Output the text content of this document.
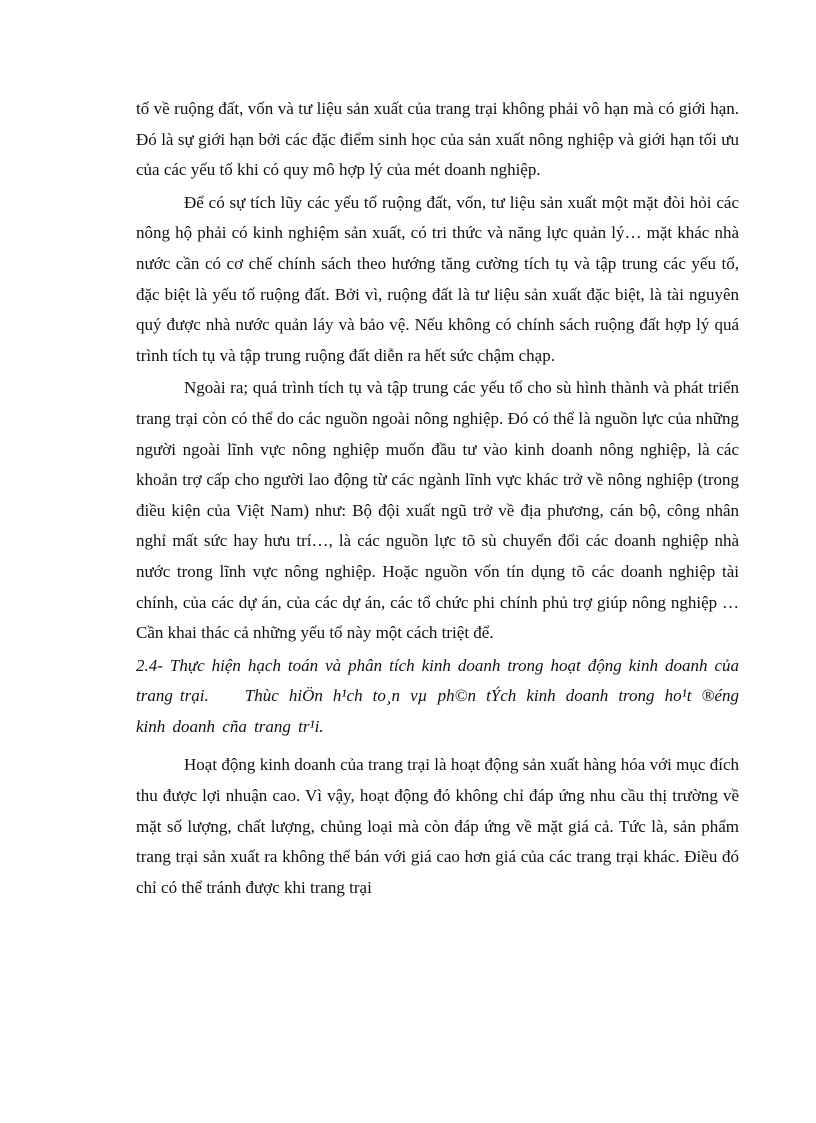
tố về ruộng đất, vốn và tư liệu sản xuất của trang trại không phải vô hạn mà có giới hạn. Đó là sự giới hạn bởi các đặc điểm sinh học của sản xuất nông nghiệp và giới hạn tối ưu của các yếu tố khi có quy mô hợp lý của mét doanh nghiệp.

Để có sự tích lũy các yếu tố ruộng đất, vốn, tư liệu sản xuất một mặt đòi hỏi các nông hộ phải có kinh nghiệm sản xuất, có tri thức và năng lực quản lý… mặt khác nhà nước cần có cơ chế chính sách theo hướng tăng cường tích tụ và tập trung các yếu tố, đặc biệt là yếu tố ruộng đất. Bởi vì, ruộng đất là tư liệu sản xuất đặc biệt, là tài nguyên quý được nhà nước quản láy và bảo vệ. Nếu không có chính sách ruộng đất hợp lý quá trình tích tụ và tập trung ruộng đất diễn ra hết sức chậm chạp.

Ngoài ra; quá trình tích tụ và tập trung các yếu tố cho sù hình thành và phát triển trang trại còn có thể do các nguồn ngoài nông nghiệp. Đó có thể là nguồn lực của những người ngoài lĩnh vực nông nghiệp muốn đầu tư vào kinh doanh nông nghiệp, là các khoản trợ cấp cho người lao động từ các ngành lĩnh vực khác trở về nông nghiệp (trong điều kiện của Việt Nam) như: Bộ đội xuất ngũ trở về địa phương, cán bộ, công nhân nghỉ mất sức hay hưu trí…, là các nguồn lực tõ sù chuyển đổi các doanh nghiệp nhà nước trong lĩnh vực nông nghiệp. Hoặc nguồn vốn tín dụng tõ các doanh nghiệp tài chính, của các dự án, của các dự án, các tổ chức phi chính phủ trợ giúp nông nghiệp … Cần khai thác cả những yếu tố này một cách triệt để.

2.4- Thực hiện hạch toán và phân tích kinh doanh trong hoạt động kinh doanh của trang trại. Thùc hiÖn h¹ch to¸n vµ ph©n tÝch kinh doanh trong ho¹t ®éng kinh doanh cña trang tr¹i.

Hoạt động kinh doanh của trang trại là hoạt động sản xuất hàng hóa với mục đích thu được lợi nhuận cao. Vì vậy, hoạt động đó không chỉ đáp ứng nhu cầu thị trường về mặt số lượng, chất lượng, chủng loại mà còn đáp ứng về mặt giá cả. Tức là, sản phẩm trang trại sản xuất ra không thể bán với giá cao hơn giá của các trang trại khác. Điều đó chỉ có thể tránh được khi trang trại
